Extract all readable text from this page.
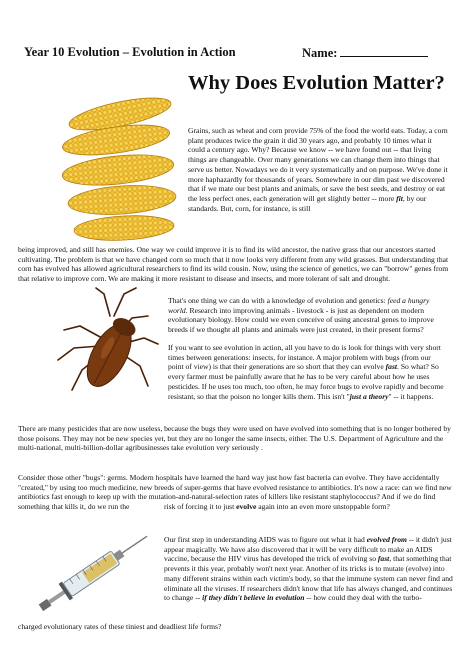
Year 10 Evolution – Evolution in Action	Name:
Why Does Evolution Matter?

Grains, such as wheat and corn provide 75% of the food the world eats. Today, a corn plant produces twice the grain it did 30 years ago, and probably 10 times what it could a century ago. Why? Because we know -- we have found out -- that living things are changeable. Over many generations we can change them into things that serve us better. Nowadays we do it very systematically and on purpose. We've done it more haphazardly for thousands of years. Somewhere in our dim past we discovered that if we mate our best plants and animals, or save the best seeds, and destroy or eat the less perfect ones, each generation will get slightly better -- more fit, by our standards. But, corn, for instance, is still

being improved, and still has enemies. One way we could improve it is to find its wild ancestor, the native grass that our ancestors started cultivating. The problem is that we have changed corn so much that it now looks very different from any wild grasses. But understanding that corn has evolved has allowed agricultural researchers to find its wild cousin. Now, using the science of genetics, we can "borrow" genes from that relative to improve corn. We are making it more resistant to disease and insects, and more tolerant of salt and drought.

That's one thing we can do with a knowledge of evolution and genetics: feed a hungry world. Research into improving animals - livestock - is just as dependent on modern evolutionary biology. How could we even conceive of using ancestral genes to improve breeds if we thought all plants and animals were just created, in their present forms?

If you want to see evolution in action, all you have to do is look for things with very short times between generations: insects, for instance. A major problem with bugs (from our point of view) is that their generations are so short that they can evolve fast. So what? So every farmer must be painfully aware that he has to be very careful about how he uses pesticides. If he uses too much, too often, he may force bugs to evolve rapidly and become resistant, so that the poison no longer kills them. This isn't "just a theory" -- it happens.

There are many pesticides that are now useless, because the bugs they were used on have evolved into something that is no longer bothered by those poisons. They may not be new species yet, but they are no longer the same insects, either. The U.S. Department of Agriculture and the multi-national, multi-billion-dollar agribusinesses take evolution very seriously .

Consider those other "bugs": germs. Modern hospitals have learned the hard way just how fast bacteria can evolve. They have accidentally "created," by using too much medicine, new breeds of super-germs that have evolved resistance to antibiotics. It's now a race: can we find new antibiotics fast enough to keep up with the mutation-and-natural-selection rates of killers like resistant staphylococcus? And if we do find something that kills it, do we run the	risk of forcing it to just evolve again into an even more unstoppable form?

Our first step in understanding AIDS was to figure out what it had evolved from -- it didn't just appear magically. We have also discovered that it will be very difficult to make an AIDS vaccine, because the HIV virus has developed the trick of evolving so fast, that something that prevents it this year, probably won't next year. Another of its tricks is to mutate (evolve) into many different strains within each victim's body, so that the immune system can never find and eliminate all the viruses. If researchers didn't know that life has always changed, and continues to change -- if they didn't believe in evolution -- how could they deal with the turbo-

charged evolutionary rates of these tiniest and deadliest life forms?
